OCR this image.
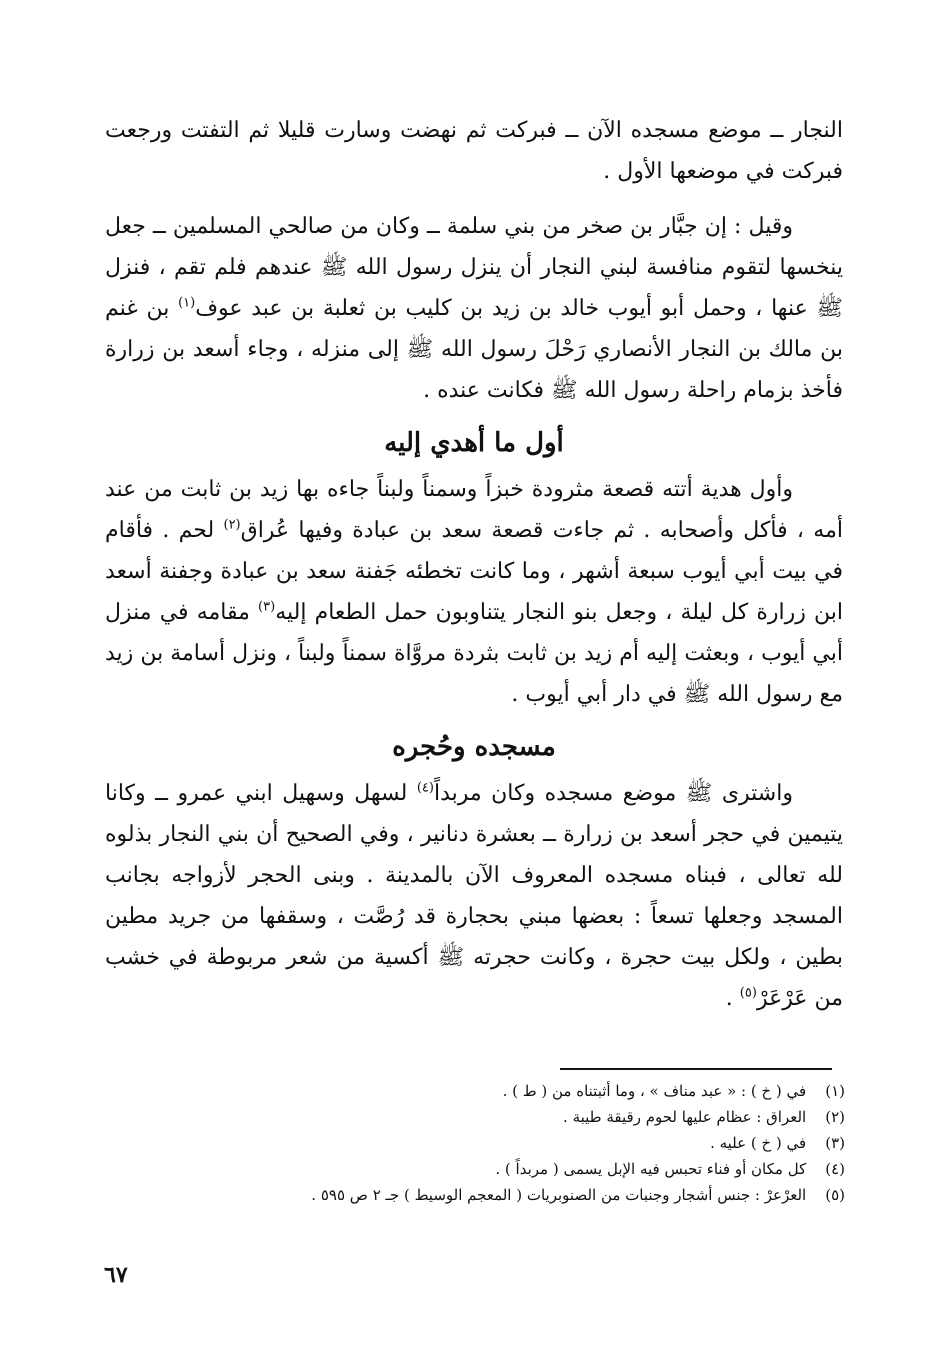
النجار ــ موضع مسجده الآن ــ فبركت ثم نهضت وسارت قليلا ثم التفتت ورجعت فبركت في موضعها الأول .

وقيل : إن جبَّار بن صخر من بني سلمة ــ وكان من صالحي المسلمين ــ جعل ينخسها لتقوم منافسة لبني النجار أن ينزل رسول الله ﷺ عندهم فلم تقم ، فنزل ﷺ عنها ، وحمل أبو أيوب خالد بن زيد بن كليب بن ثعلبة بن عبد عوف$^{(١)}$ بن غنم بن مالك بن النجار الأنصاري رَحْلَ رسول الله ﷺ إلى منزله ، وجاء أسعد بن زرارة فأخذ بزمام راحلة رسول الله ﷺ فكانت عنده .

أول ما أهدي إليه

وأول هدية أتته قصعة مثرودة خبزاً وسمناً ولبناً جاءه بها زيد بن ثابت من عند أمه ، فأكل وأصحابه . ثم جاءت قصعة سعد بن عبادة وفيها عُراق$^{(٢)}$ لحم . فأقام في بيت أبي أيوب سبعة أشهر ، وما كانت تخطئه جَفنة سعد بن عبادة وجفنة أسعد ابن زرارة كل ليلة ، وجعل بنو النجار يتناوبون حمل الطعام إليه$^{(٣)}$ مقامه في منزل أبي أيوب ، وبعثت إليه أم زيد بن ثابت بثردة مروَّاة سمناً ولبناً ، ونزل أسامة بن زيد مع رسول الله ﷺ في دار أبي أيوب .

مسجده وحُجره

واشترى ﷺ موضع مسجده وكان مربداً$^{(٤)}$ لسهل وسهيل ابني عمرو ــ وكانا يتيمين في حجر أسعد بن زرارة ــ بعشرة دنانير ، وفي الصحيح أن بني النجار بذلوه لله تعالى ، فبناه مسجده المعروف الآن بالمدينة . وبنى الحجر لأزواجه بجانب المسجد وجعلها تسعاً : بعضها مبني بحجارة قد رُصَّت ، وسقفها من جريد مطين بطين ، ولكل بيت حجرة ، وكانت حجرته ﷺ أكسية من شعر مربوطة في خشب من عَرْعَرْ$^{(٥)}$ .

(١) في ( خ ) : « عبد مناف » ، وما أثبتناه من ( ط ) .
(٢) العراق : عظام عليها لحوم رقيقة طيبة .
(٣) في ( خ ) عليه .
(٤) كل مكان أو فناء تحبس فيه الإبل يسمى ( مربداً ) .
(٥) العرْعرْ : جنس أشجار وجنبات من الصنوبريات ( المعجم الوسيط ) جـ ٢ ص ٥٩٥ .
٦٧
